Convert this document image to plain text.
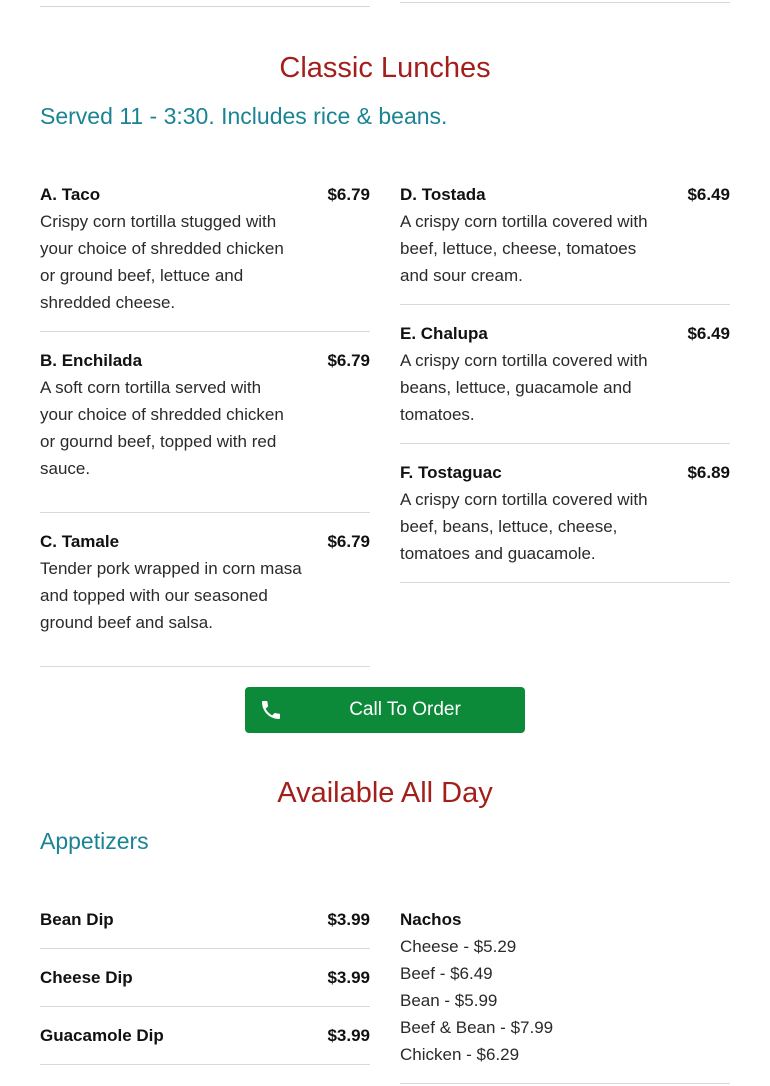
Classic Lunches
Served 11 - 3:30. Includes rice & beans.
A. Taco	$6.79
Crispy corn tortilla stugged with your choice of shredded chicken or ground beef, lettuce and shredded cheese.
B. Enchilada	$6.79
A soft corn tortilla served with your choice of shredded chicken or gournd beef, topped with red sauce.
C. Tamale	$6.79
Tender pork wrapped in corn masa and topped with our seasoned ground beef and salsa.
D. Tostada	$6.49
A crispy corn tortilla covered with beef, lettuce, cheese, tomatoes and sour cream.
E. Chalupa	$6.49
A crispy corn tortilla covered with beans, lettuce, guacamole and tomatoes.
F. Tostaguac	$6.89
A crispy corn tortilla covered with beef, beans, lettuce, cheese, tomatoes and guacamole.
Call To Order
Available All Day
Appetizers
Bean Dip	$3.99
Cheese Dip	$3.99
Guacamole Dip	$3.99
Nachos
Cheese - $5.29
Beef - $6.49
Bean - $5.99
Beef & Bean - $7.99
Chicken - $6.29
